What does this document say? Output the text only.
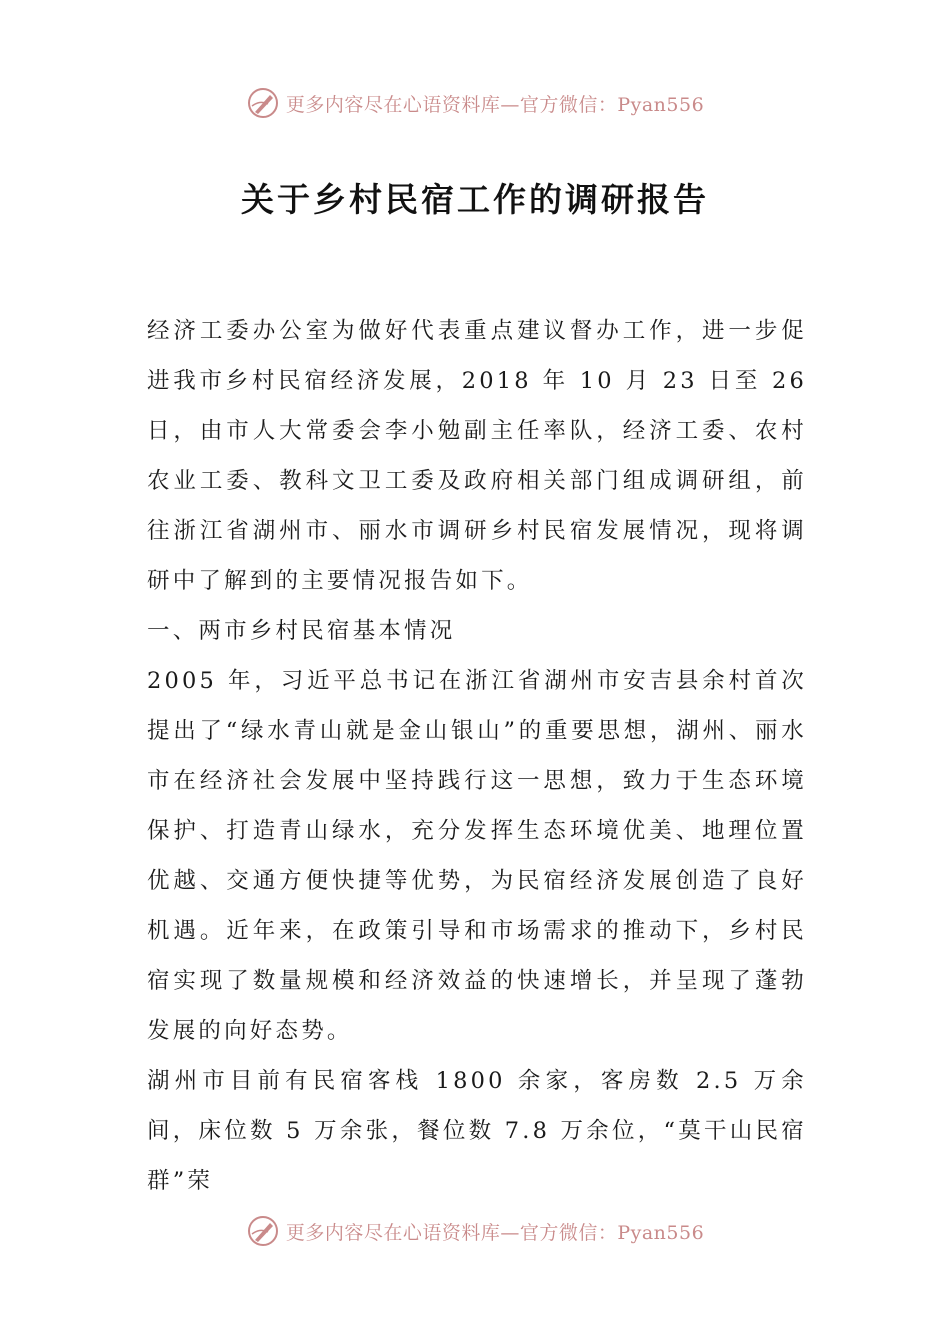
更多内容尽在心语资料库—官方微信：Pyan556
关于乡村民宿工作的调研报告

经济工委办公室为做好代表重点建议督办工作，进一步促进我市乡村民宿经济发展，2018 年 10 月 23 日至 26 日，由市人大常委会李小勉副主任率队，经济工委、农村农业工委、教科文卫工委及政府相关部门组成调研组，前往浙江省湖州市、丽水市调研乡村民宿发展情况，现将调研中了解到的主要情况报告如下。

一、两市乡村民宿基本情况

2005 年，习近平总书记在浙江省湖州市安吉县余村首次提出了“绿水青山就是金山银山”的重要思想，湖州、丽水市在经济社会发展中坚持践行这一思想，致力于生态环境保护、打造青山绿水，充分发挥生态环境优美、地理位置优越、交通方便快捷等优势，为民宿经济发展创造了良好机遇。近年来，在政策引导和市场需求的推动下，乡村民宿实现了数量规模和经济效益的快速增长，并呈现了蓬勃发展的向好态势。

湖州市目前有民宿客栈 1800 余家，客房数 2.5 万余间，床位数 5 万余张，餐位数 7.8 万余位，“莫干山民宿群”荣

更多内容尽在心语资料库—官方微信：Pyan556
